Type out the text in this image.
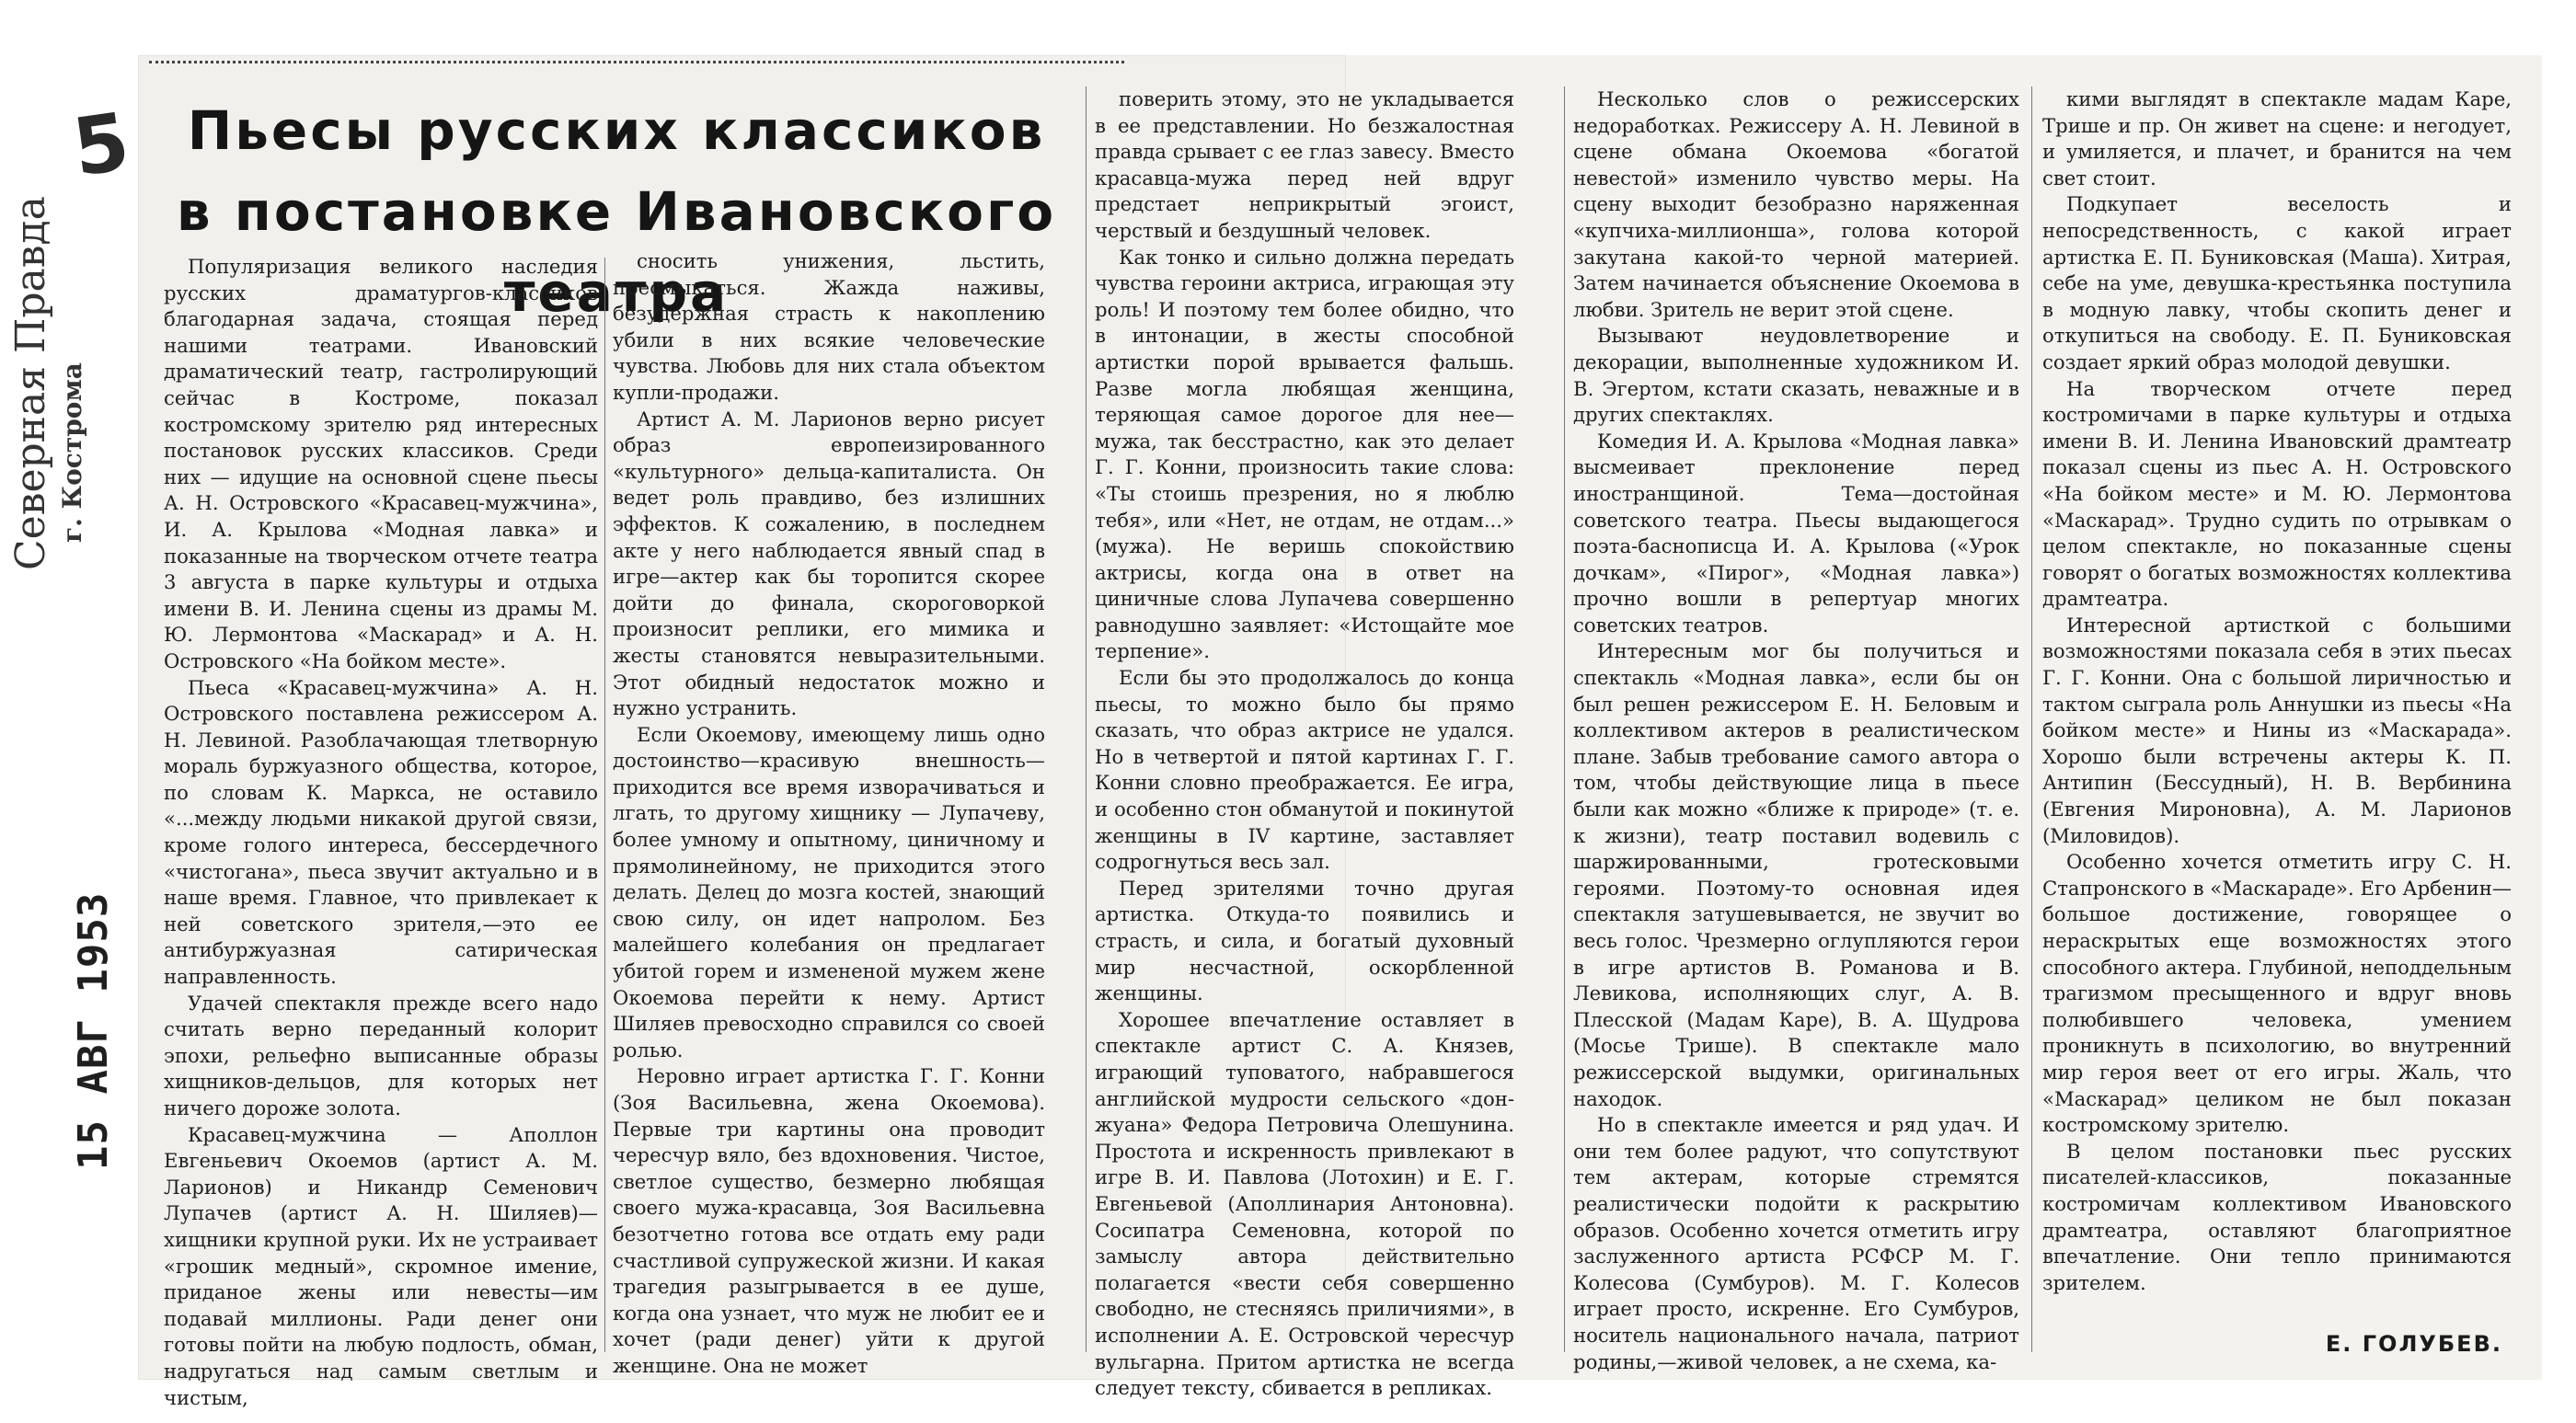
5
Северная Правда г. Кострома
15 АВГ 1953
Пьесы русских классиков
в постановке Ивановского театра

Популяризация великого наследия русских драматургов-классиков благодарная задача, стоящая перед нашими театрами. Ивановский драматический театр, гастролирующий сейчас в Костроме, показал костромскому зрителю ряд интересных постановок русских классиков. Среди них — идущие на основной сцене пьесы А. Н. Островского «Красавец-мужчина», И. А. Крылова «Модная лавка» и показанные на творческом отчете театра 3 августа в парке культуры и отдыха имени В. И. Ленина сцены из драмы М. Ю. Лермонтова «Маскарад» и А. Н. Островского «На бойком месте».

Пьеса «Красавец-мужчина» А. Н. Островского поставлена режиссером А. Н. Левиной. Разоблачающая тлетворную мораль буржуазного общества, которое, по словам К. Маркса, не оставило «...между людьми никакой другой связи, кроме голого интереса, бессердечного «чистогана», пьеса звучит актуально и в наше время. Главное, что привлекает к ней советского зрителя,—это ее антибуржуазная сатирическая направленность.

Удачей спектакля прежде всего надо считать верно переданный колорит эпохи, рельефно выписанные образы хищников-дельцов, для которых нет ничего дороже золота.

Красавец-мужчина — Аполлон Евгеньевич Окоемов (артист А. М. Ларионов) и Никандр Семенович Лупачев (артист А. Н. Шиляев)—хищники крупной руки. Их не устраивает «грошик медный», скромное имение, приданое жены или невесты—им подавай миллионы. Ради денег они готовы пойти на любую подлость, обман, надругаться над самым светлым и чистым,

сносить унижения, льстить, пресмыкаться. Жажда наживы, безудержная страсть к накоплению убили в них всякие человеческие чувства. Любовь для них стала объектом купли-продажи.

Артист А. М. Ларионов верно рисует образ европеизированного «культурного» дельца-капиталиста. Он ведет роль правдиво, без излишних эффектов. К сожалению, в последнем акте у него наблюдается явный спад в игре—актер как бы торопится скорее дойти до финала, скороговоркой произносит реплики, его мимика и жесты становятся невыразительными. Этот обидный недостаток можно и нужно устранить.

Если Окоемову, имеющему лишь одно достоинство—красивую внешность—приходится все время изворачиваться и лгать, то другому хищнику — Лупачеву, более умному и опытному, циничному и прямолинейному, не приходится этого делать. Делец до мозга костей, знающий свою силу, он идет напролом. Без малейшего колебания он предлагает убитой горем и измененой мужем жене Окоемова перейти к нему. Артист Шиляев превосходно справился со своей ролью.

Неровно играет артистка Г. Г. Конни (Зоя Васильевна, жена Окоемова). Первые три картины она проводит чересчур вяло, без вдохновения. Чистое, светлое существо, безмерно любящая своего мужа-красавца, Зоя Васильевна безотчетно готова все отдать ему ради счастливой супружеской жизни. И какая трагедия разыгрывается в ее душе, когда она узнает, что муж не любит ее и хочет (ради денег) уйти к другой женщине. Она не может

поверить этому, это не укладывается в ее представлении. Но безжалостная правда срывает с ее глаз завесу. Вместо красавца-мужа перед ней вдруг предстает неприкрытый эгоист, черствый и бездушный человек.

Как тонко и сильно должна передать чувства героини актриса, играющая эту роль! И поэтому тем более обидно, что в интонации, в жесты способной артистки порой врывается фальшь. Разве могла любящая женщина, теряющая самое дорогое для нее—мужа, так бесстрастно, как это делает Г. Г. Конни, произносить такие слова: «Ты стоишь презрения, но я люблю тебя», или «Нет, не отдам, не отдам...» (мужа). Не веришь спокойствию актрисы, когда она в ответ на циничные слова Лупачева совершенно равнодушно заявляет: «Истощайте мое терпение».

Если бы это продолжалось до конца пьесы, то можно было бы прямо сказать, что образ актрисе не удался. Но в четвертой и пятой картинах Г. Г. Конни словно преображается. Ее игра, и особенно стон обманутой и покинутой женщины в IV картине, заставляет содрогнуться весь зал.

Перед зрителями точно другая артистка. Откуда-то появились и страсть, и сила, и богатый духовный мир несчастной, оскорбленной женщины.

Хорошее впечатление оставляет в спектакле артист С. А. Князев, играющий туповатого, набравшегося английской мудрости сельского «дон-жуана» Федора Петровича Олешунина. Простота и искренность привлекают в игре В. И. Павлова (Лотохин) и Е. Г. Евгеньевой (Аполлинария Антоновна). Сосипатра Семеновна, которой по замыслу автора действительно полагается «вести себя совершенно свободно, не стесняясь приличиями», в исполнении А. Е. Островской чересчур вульгарна. Притом артистка не всегда следует тексту, сбивается в репликах.

Несколько слов о режиссерских недоработках. Режиссеру А. Н. Левиной в сцене обмана Окоемова «богатой невестой» изменило чувство меры. На сцену выходит безобразно наряженная «купчиха-миллионша», голова которой закутана какой-то черной материей. Затем начинается объяснение Окоемова в любви. Зритель не верит этой сцене.

Вызывают неудовлетворение и декорации, выполненные художником И. В. Эгертом, кстати сказать, неважные и в других спектаклях.

Комедия И. А. Крылова «Модная лавка» высмеивает преклонение перед иностранщиной. Тема—достойная советского театра. Пьесы выдающегося поэта-баснописца И. А. Крылова («Урок дочкам», «Пирог», «Модная лавка») прочно вошли в репертуар многих советских театров.

Интересным мог бы получиться и спектакль «Модная лавка», если бы он был решен режиссером Е. Н. Беловым и коллективом актеров в реалистическом плане. Забыв требование самого автора о том, чтобы действующие лица в пьесе были как можно «ближе к природе» (т. е. к жизни), театр поставил водевиль с шаржированными, гротесковыми героями. Поэтому-то основная идея спектакля затушевывается, не звучит во весь голос. Чрезмерно оглупляются герои в игре артистов В. Романова и В. Левикова, исполняющих слуг, А. В. Плесской (Мадам Каре), В. А. Щудрова (Мосье Трише). В спектакле мало режиссерской выдумки, оригинальных находок.

Но в спектакле имеется и ряд удач. И они тем более радуют, что сопутствуют тем актерам, которые стремятся реалистически подойти к раскрытию образов. Особенно хочется отметить игру заслуженного артиста РСФСР М. Г. Колесова (Сумбуров). М. Г. Колесов играет просто, искренне. Его Сумбуров, носитель национального начала, патриот родины,—живой человек, а не схема, ка-

кими выглядят в спектакле мадам Каре, Трише и пр. Он живет на сцене: и негодует, и умиляется, и плачет, и бранится на чем свет стоит.

Подкупает веселость и непосредственность, с какой играет артистка Е. П. Буниковская (Маша). Хитрая, себе на уме, девушка-крестьянка поступила в модную лавку, чтобы скопить денег и откупиться на свободу. Е. П. Буниковская создает яркий образ молодой девушки.

На творческом отчете перед костромичами в парке культуры и отдыха имени В. И. Ленина Ивановский драмтеатр показал сцены из пьес А. Н. Островского «На бойком месте» и М. Ю. Лермонтова «Маскарад». Трудно судить по отрывкам о целом спектакле, но показанные сцены говорят о богатых возможностях коллектива драмтеатра.

Интересной артисткой с большими возможностями показала себя в этих пьесах Г. Г. Конни. Она с большой лиричностью и тактом сыграла роль Аннушки из пьесы «На бойком месте» и Нины из «Маскарада». Хорошо были встречены актеры К. П. Антипин (Бессудный), Н. В. Вербинина (Евгения Мироновна), А. М. Ларионов (Миловидов).

Особенно хочется отметить игру С. Н. Стапронского в «Маскараде». Его Арбенин—большое достижение, говорящее о нераскрытых еще возможностях этого способного актера. Глубиной, неподдельным трагизмом пресыщенного и вдруг вновь полюбившего человека, умением проникнуть в психологию, во внутренний мир героя веет от его игры. Жаль, что «Маскарад» целиком не был показан костромскому зрителю.

В целом постановки пьес русских писателей-классиков, показанные костромичам коллективом Ивановского драмтеатра, оставляют благоприятное впечатление. Они тепло принимаются зрителем.

Е. ГОЛУБЕВ.
